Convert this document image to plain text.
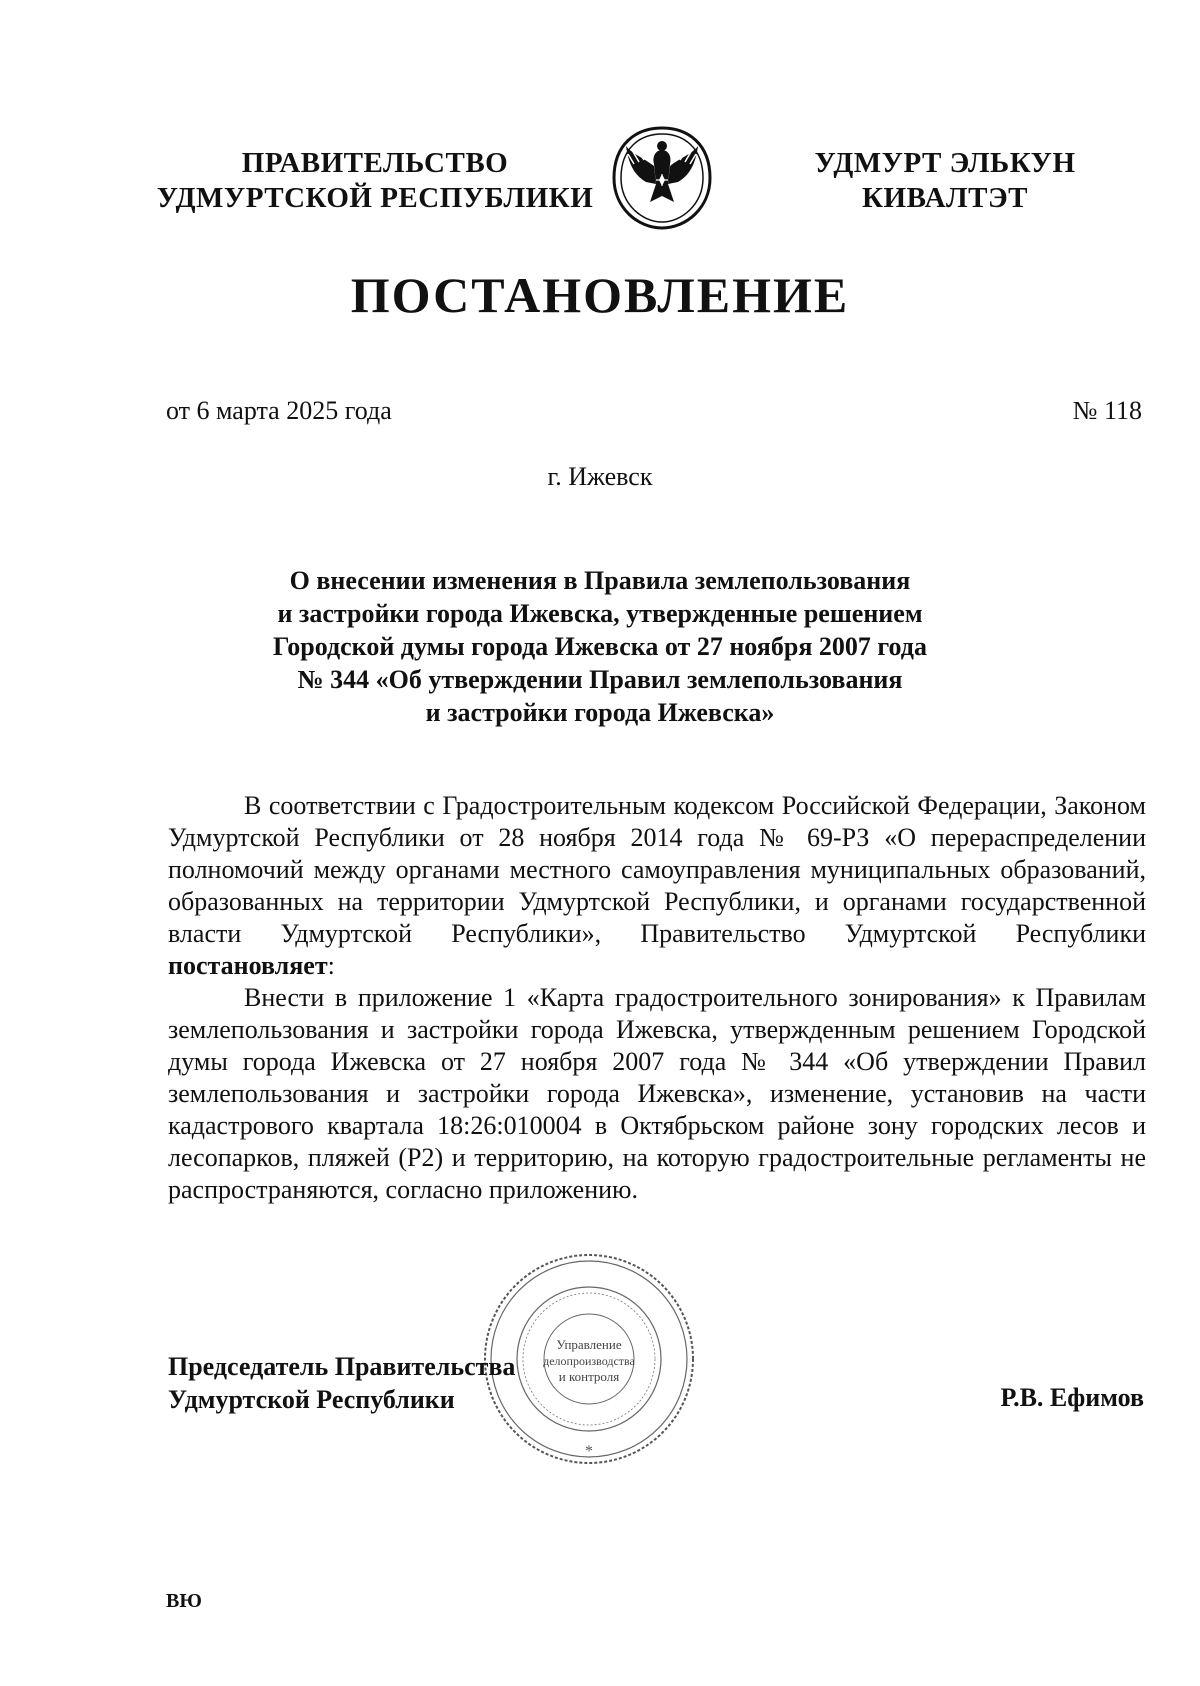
ПРАВИТЕЛЬСТВО
УДМУРТСКОЙ РЕСПУБЛИКИ
УДМУРТ ЭЛЬКУН
КИВАЛТЭТ
ПОСТАНОВЛЕНИЕ
от 6 марта 2025 года	№ 118
г. Ижевск
О внесении изменения в Правила землепользования
и застройки города Ижевска, утвержденные решением
Городской думы города Ижевска от 27 ноября 2007 года
№ 344 «Об утверждении Правил землепользования
и застройки города Ижевска»

В соответствии с Градостроительным кодексом Российской Федерации, Законом Удмуртской Республики от 28 ноября 2014 года № 69-РЗ «О перераспределении полномочий между органами местного самоуправления муниципальных образований, образованных на территории Удмуртской Республики, и органами государственной власти Удмуртской Республики», Правительство Удмуртской Республики постановляет:

Внести в приложение 1 «Карта градостроительного зонирования» к Правилам землепользования и застройки города Ижевска, утвержденным решением Городской думы города Ижевска от 27 ноября 2007 года № 344 «Об утверждении Правил землепользования и застройки города Ижевска», изменение, установив на части кадастрового квартала 18:26:010004 в Октябрьском районе зону городских лесов и лесопарков, пляжей (Р2) и территорию, на которую градостроительные регламенты не распространяются, согласно приложению.

Управление
делопроизводства
и контроля
*
Председатель Правительства
Удмуртской Республики	Р.В. Ефимов
ВЮ
